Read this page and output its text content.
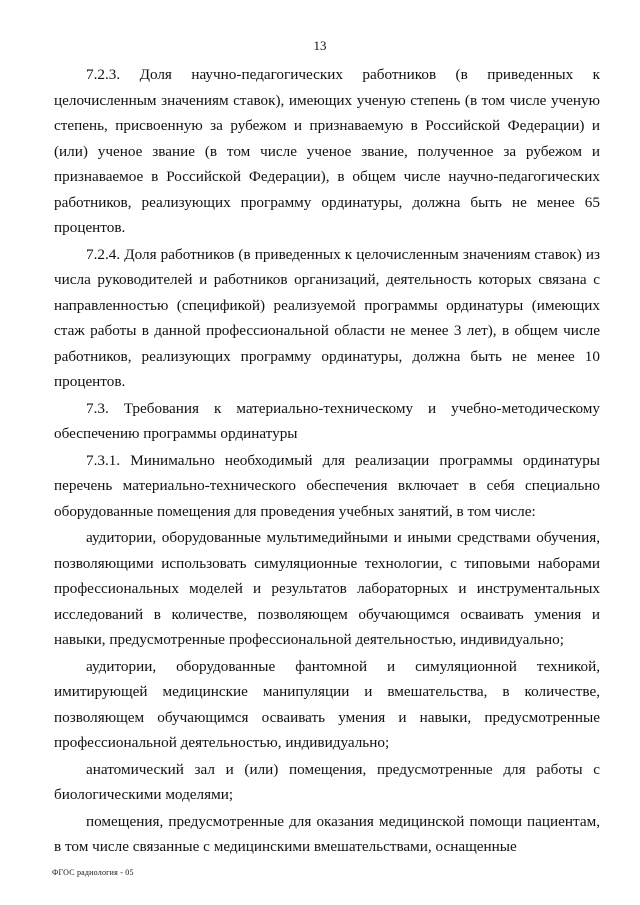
13

7.2.3. Доля научно-педагогических работников (в приведенных к целочисленным значениям ставок), имеющих ученую степень (в том числе ученую степень, присвоенную за рубежом и признаваемую в Российской Федерации) и (или) ученое звание (в том числе ученое звание, полученное за рубежом и признаваемое в Российской Федерации), в общем числе научно-педагогических работников, реализующих программу ординатуры, должна быть не менее 65 процентов.

7.2.4. Доля работников (в приведенных к целочисленным значениям ставок) из числа руководителей и работников организаций, деятельность которых связана с направленностью (спецификой) реализуемой программы ординатуры (имеющих стаж работы в данной профессиональной области не менее 3 лет), в общем числе работников, реализующих программу ординатуры, должна быть не менее 10 процентов.

7.3. Требования к материально-техническому и учебно-методическому обеспечению программы ординатуры

7.3.1. Минимально необходимый для реализации программы ординатуры перечень материально-технического обеспечения включает в себя специально оборудованные помещения для проведения учебных занятий, в том числе:

аудитории, оборудованные мультимедийными и иными средствами обучения, позволяющими использовать симуляционные технологии, с типовыми наборами профессиональных моделей и результатов лабораторных и инструментальных исследований в количестве, позволяющем обучающимся осваивать умения и навыки, предусмотренные профессиональной деятельностью, индивидуально;

аудитории, оборудованные фантомной и симуляционной техникой, имитирующей медицинские манипуляции и вмешательства, в количестве, позволяющем обучающимся осваивать умения и навыки, предусмотренные профессиональной деятельностью, индивидуально;

анатомический зал и (или) помещения, предусмотренные для работы с биологическими моделями;

помещения, предусмотренные для оказания медицинской помощи пациентам, в том числе связанные с медицинскими вмешательствами, оснащенные

ФГОС радиология - 05
